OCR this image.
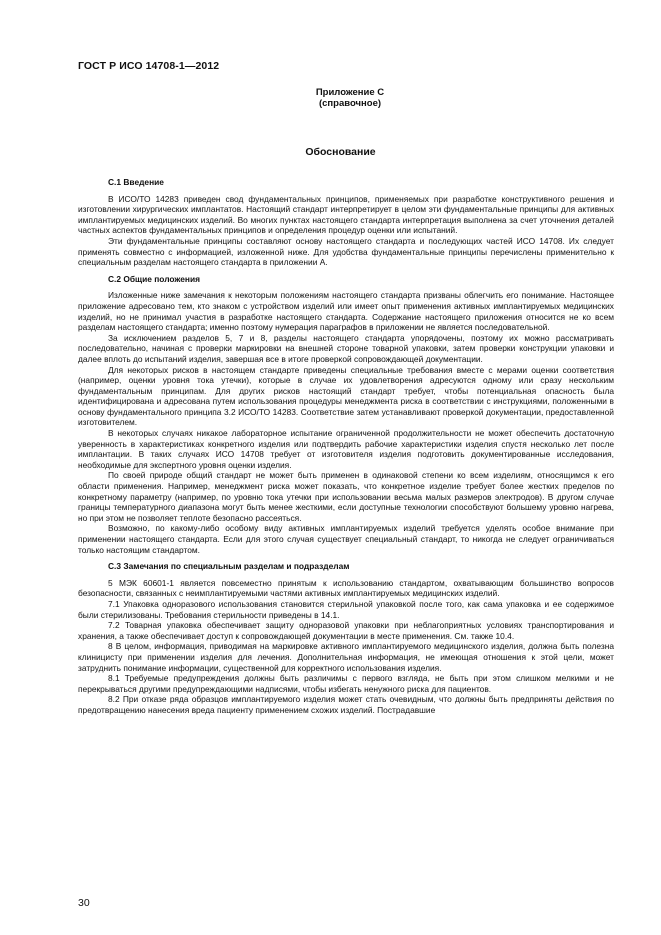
ГОСТ Р ИСО 14708-1—2012
Приложение С
(справочное)
Обоснование
С.1 Введение

В ИСО/ТО 14283 приведен свод фундаментальных принципов, применяемых при разработке конструктивного решения и изготовлении хирургических имплантатов. Настоящий стандарт интерпретирует в целом эти фундаментальные принципы для активных имплантируемых медицинских изделий. Во многих пунктах настоящего стандарта интерпретация выполнена за счет уточнения деталей частных аспектов фундаментальных принципов и определения процедур оценки или испытаний.

Эти фундаментальные принципы составляют основу настоящего стандарта и последующих частей ИСО 14708. Их следует применять совместно с информацией, изложенной ниже. Для удобства фундаментальные принципы перечислены применительно к специальным разделам настоящего стандарта в приложении А.

С.2 Общие положения

Изложенные ниже замечания к некоторым положениям настоящего стандарта призваны облегчить его понимание. Настоящее приложение адресовано тем, кто знаком с устройством изделий или имеет опыт применения активных имплантируемых медицинских изделий, но не принимал участия в разработке настоящего стандарта. Содержание настоящего приложения относится не ко всем разделам настоящего стандарта; именно поэтому нумерация параграфов в приложении не является последовательной.

За исключением разделов 5, 7 и 8, разделы настоящего стандарта упорядочены, поэтому их можно рассматривать последовательно, начиная с проверки маркировки на внешней стороне товарной упаковки, затем проверки конструкции упаковки и далее вплоть до испытаний изделия, завершая все в итоге проверкой сопровождающей документации.

Для некоторых рисков в настоящем стандарте приведены специальные требования вместе с мерами оценки соответствия (например, оценки уровня тока утечки), которые в случае их удовлетворения адресуются одному или сразу нескольким фундаментальным принципам. Для других рисков настоящий стандарт требует, чтобы потенциальная опасность была идентифицирована и адресована путем использования процедуры менеджмента риска в соответствии с инструкциями, положенными в основу фундаментального принципа 3.2 ИСО/ТО 14283. Соответствие затем устанавливают проверкой документации, предоставленной изготовителем.

В некоторых случаях никакое лабораторное испытание ограниченной продолжительности не может обеспечить достаточную уверенность в характеристиках конкретного изделия или подтвердить рабочие характеристики изделия спустя несколько лет после имплантации. В таких случаях ИСО 14708 требует от изготовителя изделия подготовить документированные исследования, необходимые для экспертного уровня оценки изделия.

По своей природе общий стандарт не может быть применен в одинаковой степени ко всем изделиям, относящимся к его области применения. Например, менеджмент риска может показать, что конкретное изделие требует более жестких пределов по конкретному параметру (например, по уровню тока утечки при использовании весьма малых размеров электродов). В другом случае границы температурного диапазона могут быть менее жесткими, если доступные технологии способствуют большему уровню нагрева, но при этом не позволяет теплоте безопасно рассеяться.

Возможно, по какому-либо особому виду активных имплантируемых изделий требуется уделять особое внимание при применении настоящего стандарта. Если для этого случая существует специальный стандарт, то никогда не следует ограничиваться только настоящим стандартом.

С.3 Замечания по специальным разделам и подразделам

5 МЭК 60601-1 является повсеместно принятым к использованию стандартом, охватывающим большинство вопросов безопасности, связанных с неимплантируемыми частями активных имплантируемых медицинских изделий.

7.1 Упаковка одноразового использования становится стерильной упаковкой после того, как сама упаковка и ее содержимое были стерилизованы. Требования стерильности приведены в 14.1.

7.2 Товарная упаковка обеспечивает защиту одноразовой упаковки при неблагоприятных условиях транспортирования и хранения, а также обеспечивает доступ к сопровождающей документации в месте применения. См. также 10.4.

8 В целом, информация, приводимая на маркировке активного имплантируемого медицинского изделия, должна быть полезна клиницисту при применении изделия для лечения. Дополнительная информация, не имеющая отношения к этой цели, может затруднить понимание информации, существенной для корректного использования изделия.

8.1 Требуемые предупреждения должны быть различимы с первого взгляда, не быть при этом слишком мелкими и не перекрываться другими предупреждающими надписями, чтобы избегать ненужного риска для пациентов.

8.2 При отказе ряда образцов имплантируемого изделия может стать очевидным, что должны быть предприняты действия по предотвращению нанесения вреда пациенту применением схожих изделий. Пострадавшие

30
